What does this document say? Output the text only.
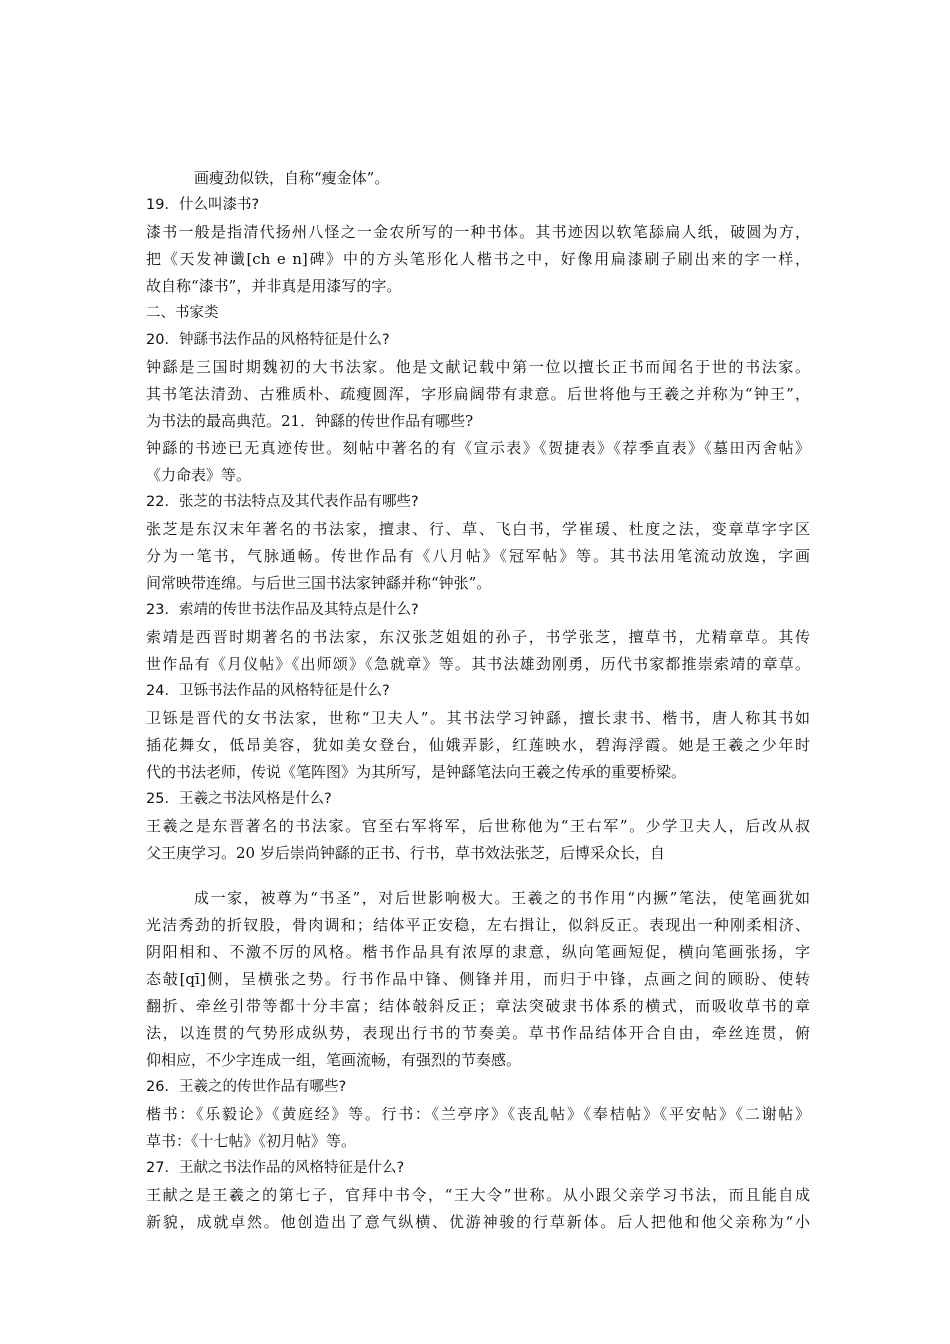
画瘦劲似铁，自称“瘦金体”。
19．什么叫漆书?
漆书一般是指清代扬州八怪之一金农所写的一种书体。其书迹因以软笔舔扁人纸，破圆为方，
把《天发神谶[ch e n]碑》中的方头笔形化人楷书之中，好像用扁漆刷子刷出来的字一样，
故自称“漆书”，并非真是用漆写的字。
二、书家类
20．钟繇书法作品的风格特征是什么?
钟繇是三国时期魏初的大书法家。他是文献记载中第一位以擅长正书而闻名于世的书法家。
其书笔法清劲、古雅质朴、疏瘦圆浑，字形扁阔带有隶意。后世将他与王羲之并称为“钟王”，
为书法的最高典范。21．钟繇的传世作品有哪些?
钟繇的书迹已无真迹传世。刻帖中著名的有《宣示表》《贺捷表》《荐季直表》《墓田丙舍帖》
《力命表》等。
22．张芝的书法特点及其代表作品有哪些?
张芝是东汉末年著名的书法家，擅隶、行、草、飞白书，学崔瑗、杜度之法，变章草字字区
分为一笔书，气脉通畅。传世作品有《八月帖》《冠军帖》等。其书法用笔流动放逸，字画
间常映带连绵。与后世三国书法家钟繇并称“钟张”。
23．索靖的传世书法作品及其特点是什么?
索靖是西晋时期著名的书法家，东汉张芝姐姐的孙子，书学张芝，擅草书，尤精章草。其传
世作品有《月仪帖》《出师颂》《急就章》等。其书法雄劲刚勇，历代书家都推崇索靖的章草。
24．卫铄书法作品的风格特征是什么?
卫铄是晋代的女书法家，世称“卫夫人”。其书法学习钟繇，擅长隶书、楷书，唐人称其书如
插花舞女，低昂美容，犹如美女登台，仙娥弄影，红莲映水，碧海浮霞。她是王羲之少年时
代的书法老师，传说《笔阵图》为其所写，是钟繇笔法向王羲之传承的重要桥梁。
25．王羲之书法风格是什么?
王羲之是东晋著名的书法家。官至右军将军，后世称他为“王右军”。少学卫夫人，后改从叔
父王庚学习。20 岁后崇尚钟繇的正书、行书，草书效法张芝，后博采众长，自
成一家，被尊为“书圣”，对后世影响极大。王羲之的书作用“内撅”笔法，使笔画犹如
光洁秀劲的折钗股，骨肉调和；结体平正安稳，左右揖让，似斜反正。表现出一种刚柔相济、
阴阳相和、不激不厉的风格。楷书作品具有浓厚的隶意，纵向笔画短促，横向笔画张扬，字
态攲[qī]侧，呈横张之势。行书作品中锋、侧锋并用，而归于中锋，点画之间的顾盼、使转
翻折、牵丝引带等都十分丰富；结体攲斜反正；章法突破隶书体系的横式，而吸收草书的章
法，以连贯的气势形成纵势，表现出行书的节奏美。草书作品结体开合自由，牵丝连贯，俯
仰相应，不少字连成一组，笔画流畅，有强烈的节奏感。
26．王羲之的传世作品有哪些?
楷书：《乐毅论》《黄庭经》等。行书：《兰亭序》《丧乱帖》《奉桔帖》《平安帖》《二谢帖》
草书：《十七帖》《初月帖》等。
27．王献之书法作品的风格特征是什么?
王献之是王羲之的第七子，官拜中书令，“王大令”世称。从小跟父亲学习书法，而且能自成
新貌，成就卓然。他创造出了意气纵横、优游神骏的行草新体。后人把他和他父亲称为“小
